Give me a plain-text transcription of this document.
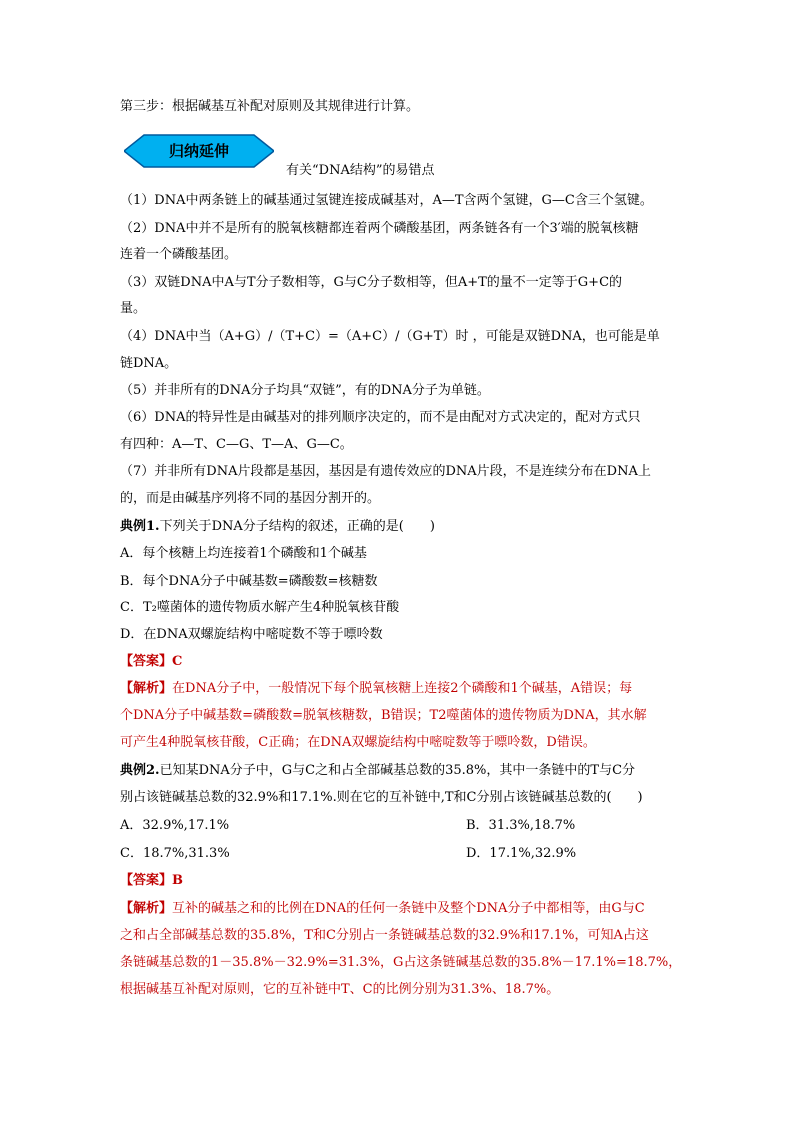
第三步：根据碱基互补配对原则及其规律进行计算。
归纳延伸
有关“DNA结构”的易错点
（1）DNA中两条链上的碱基通过氢键连接成碱基对，A—T含两个氢键，G—C含三个氢键。
（2）DNA中并不是所有的脱氧核糖都连着两个磷酸基团，两条链各有一个3′端的脱氧核糖
连着一个磷酸基团。
（3）双链DNA中A与T分子数相等，G与C分子数相等，但A+T的量不一定等于G+C的
量。
（4）DNA中当（A+G）/（T+C）=（A+C）/（G+T）时 ，可能是双链DNA，也可能是单
链DNA。
（5）并非所有的DNA分子均具“双链”，有的DNA分子为单链。
（6）DNA的特异性是由碱基对的排列顺序决定的，而不是由配对方式决定的，配对方式只
有四种：A—T、C—G、T—A、G—C。
（7）并非所有DNA片段都是基因，基因是有遗传效应的DNA片段，不是连续分布在DNA上
的，而是由碱基序列将不同的基因分割开的。
典例1.下列关于DNA分子结构的叙述，正确的是(　　)
A．每个核糖上均连接着1个磷酸和1个碱基
B．每个DNA分子中碱基数=磷酸数=核糖数
C．T₂噬菌体的遗传物质水解产生4种脱氧核苷酸
D．在DNA双螺旋结构中嘧啶数不等于嘌呤数
【答案】C
【解析】在DNA分子中，一般情况下每个脱氧核糖上连接2个磷酸和1个碱基，A错误；每
个DNA分子中碱基数=磷酸数=脱氧核糖数，B错误；T2噬菌体的遗传物质为DNA，其水解
可产生4种脱氧核苷酸，C正确；在DNA双螺旋结构中嘧啶数等于嘌呤数，D错误。
典例2.已知某DNA分子中，G与C之和占全部碱基总数的35.8%，其中一条链中的T与C分
别占该链碱基总数的32.9%和17.1%.则在它的互补链中,T和C分别占该链碱基总数的(　　)
A．32.9%,17.1%	B．31.3%,18.7%
C．18.7%,31.3%	D．17.1%,32.9%
【答案】B
【解析】互补的碱基之和的比例在DNA的任何一条链中及整个DNA分子中都相等，由G与C
之和占全部碱基总数的35.8%，T和C分别占一条链碱基总数的32.9%和17.1%，可知A占这
条链碱基总数的1－35.8%－32.9%=31.3%，G占这条链碱基总数的35.8%－17.1%=18.7%，
根据碱基互补配对原则，它的互补链中T、C的比例分别为31.3%、18.7%。
